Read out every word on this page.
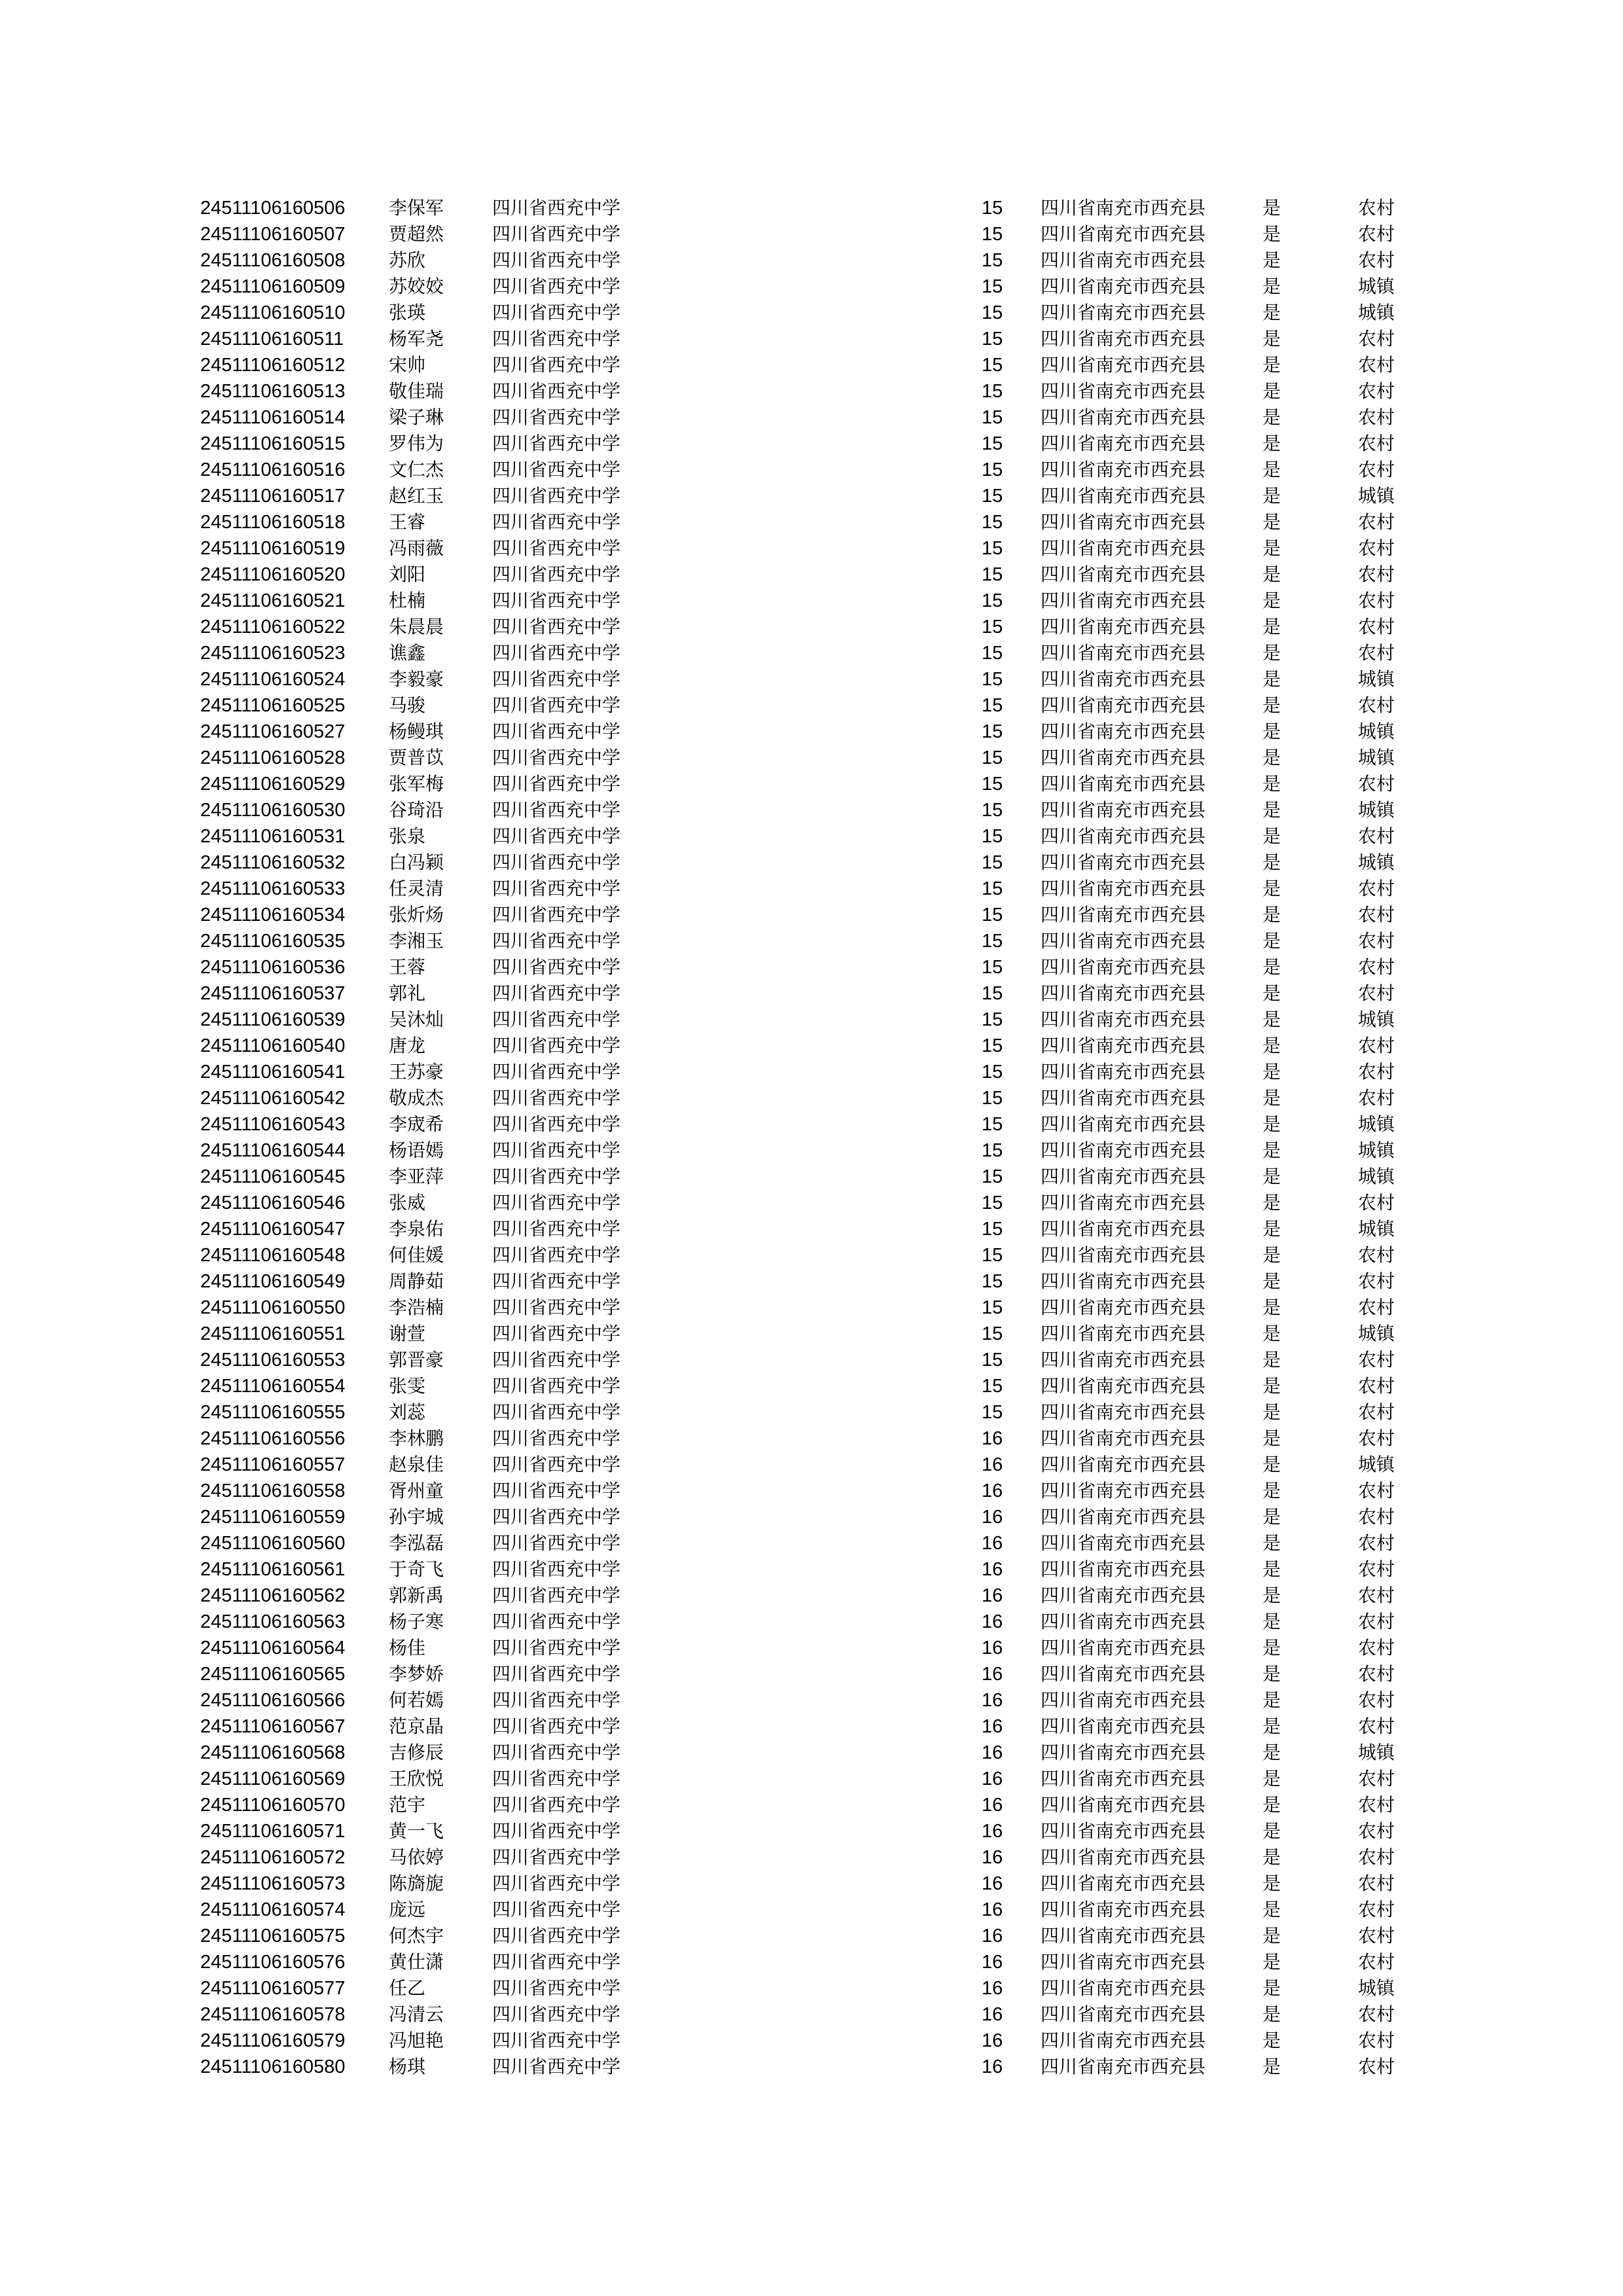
24511106160506 李保军	四川省西充中学	15 四川省南充市西充县	是	农村
24511106160507 贾超然	四川省西充中学	15 四川省南充市西充县	是	农村
24511106160508 苏欣	四川省西充中学	15 四川省南充市西充县	是	农村
24511106160509 苏姣姣	四川省西充中学	15 四川省南充市西充县	是	城镇
24511106160510 张瑛	四川省西充中学	15 四川省南充市西充县	是	城镇
24511106160511 杨军尧	四川省西充中学	15 四川省南充市西充县	是	农村
24511106160512 宋帅	四川省西充中学	15 四川省南充市西充县	是	农村
24511106160513 敬佳瑞	四川省西充中学	15 四川省南充市西充县	是	农村
24511106160514 梁子琳	四川省西充中学	15 四川省南充市西充县	是	农村
24511106160515 罗伟为	四川省西充中学	15 四川省南充市西充县	是	农村
24511106160516 文仁杰	四川省西充中学	15 四川省南充市西充县	是	农村
24511106160517 赵红玉	四川省西充中学	15 四川省南充市西充县	是	城镇
24511106160518 王睿	四川省西充中学	15 四川省南充市西充县	是	农村
24511106160519 冯雨薇	四川省西充中学	15 四川省南充市西充县	是	农村
24511106160520 刘阳	四川省西充中学	15 四川省南充市西充县	是	农村
24511106160521 杜楠	四川省西充中学	15 四川省南充市西充县	是	农村
24511106160522 朱晨晨	四川省西充中学	15 四川省南充市西充县	是	农村
24511106160523 谯鑫	四川省西充中学	15 四川省南充市西充县	是	农村
24511106160524 李毅豪	四川省西充中学	15 四川省南充市西充县	是	城镇
24511106160525 马骏	四川省西充中学	15 四川省南充市西充县	是	农村
24511106160527 杨鳗琪	四川省西充中学	15 四川省南充市西充县	是	城镇
24511106160528 贾普苡	四川省西充中学	15 四川省南充市西充县	是	城镇
24511106160529 张军梅	四川省西充中学	15 四川省南充市西充县	是	农村
24511106160530 谷琦沿	四川省西充中学	15 四川省南充市西充县	是	城镇
24511106160531 张泉	四川省西充中学	15 四川省南充市西充县	是	农村
24511106160532 白冯颖	四川省西充中学	15 四川省南充市西充县	是	城镇
24511106160533 任灵清	四川省西充中学	15 四川省南充市西充县	是	农村
24511106160534 张炘炀	四川省西充中学	15 四川省南充市西充县	是	农村
24511106160535 李湘玉	四川省西充中学	15 四川省南充市西充县	是	农村
24511106160536 王蓉	四川省西充中学	15 四川省南充市西充县	是	农村
24511106160537 郭礼	四川省西充中学	15 四川省南充市西充县	是	农村
24511106160539 吴沐灿	四川省西充中学	15 四川省南充市西充县	是	城镇
24511106160540 唐龙	四川省西充中学	15 四川省南充市西充县	是	农村
24511106160541 王苏豪	四川省西充中学	15 四川省南充市西充县	是	农村
24511106160542 敬成杰	四川省西充中学	15 四川省南充市西充县	是	农村
24511106160543 李宬希	四川省西充中学	15 四川省南充市西充县	是	城镇
24511106160544 杨语嫣	四川省西充中学	15 四川省南充市西充县	是	城镇
24511106160545 李亚萍	四川省西充中学	15 四川省南充市西充县	是	城镇
24511106160546 张威	四川省西充中学	15 四川省南充市西充县	是	农村
24511106160547 李泉佑	四川省西充中学	15 四川省南充市西充县	是	城镇
24511106160548 何佳媛	四川省西充中学	15 四川省南充市西充县	是	农村
24511106160549 周静茹	四川省西充中学	15 四川省南充市西充县	是	农村
24511106160550 李浩楠	四川省西充中学	15 四川省南充市西充县	是	农村
24511106160551 谢萱	四川省西充中学	15 四川省南充市西充县	是	城镇
24511106160553 郭晋豪	四川省西充中学	15 四川省南充市西充县	是	农村
24511106160554 张雯	四川省西充中学	15 四川省南充市西充县	是	农村
24511106160555 刘蕊	四川省西充中学	15 四川省南充市西充县	是	农村
24511106160556 李林鹏	四川省西充中学	16 四川省南充市西充县	是	农村
24511106160557 赵泉佳	四川省西充中学	16 四川省南充市西充县	是	城镇
24511106160558 胥州童	四川省西充中学	16 四川省南充市西充县	是	农村
24511106160559 孙宇城	四川省西充中学	16 四川省南充市西充县	是	农村
24511106160560 李泓磊	四川省西充中学	16 四川省南充市西充县	是	农村
24511106160561 于奇飞	四川省西充中学	16 四川省南充市西充县	是	农村
24511106160562 郭新禹	四川省西充中学	16 四川省南充市西充县	是	农村
24511106160563 杨子寒	四川省西充中学	16 四川省南充市西充县	是	农村
24511106160564 杨佳	四川省西充中学	16 四川省南充市西充县	是	农村
24511106160565 李梦娇	四川省西充中学	16 四川省南充市西充县	是	农村
24511106160566 何若嫣	四川省西充中学	16 四川省南充市西充县	是	农村
24511106160567 范京晶	四川省西充中学	16 四川省南充市西充县	是	农村
24511106160568 吉修辰	四川省西充中学	16 四川省南充市西充县	是	城镇
24511106160569 王欣悦	四川省西充中学	16 四川省南充市西充县	是	农村
24511106160570 范宇	四川省西充中学	16 四川省南充市西充县	是	农村
24511106160571 黄一飞	四川省西充中学	16 四川省南充市西充县	是	农村
24511106160572 马依婷	四川省西充中学	16 四川省南充市西充县	是	农村
24511106160573 陈旖旎	四川省西充中学	16 四川省南充市西充县	是	农村
24511106160574 庞远	四川省西充中学	16 四川省南充市西充县	是	农村
24511106160575 何杰宇	四川省西充中学	16 四川省南充市西充县	是	农村
24511106160576 黄仕潇	四川省西充中学	16 四川省南充市西充县	是	农村
24511106160577 任乙	四川省西充中学	16 四川省南充市西充县	是	城镇
24511106160578 冯清云	四川省西充中学	16 四川省南充市西充县	是	农村
24511106160579 冯旭艳	四川省西充中学	16 四川省南充市西充县	是	农村
24511106160580 杨琪	四川省西充中学	16 四川省南充市西充县	是	农村
